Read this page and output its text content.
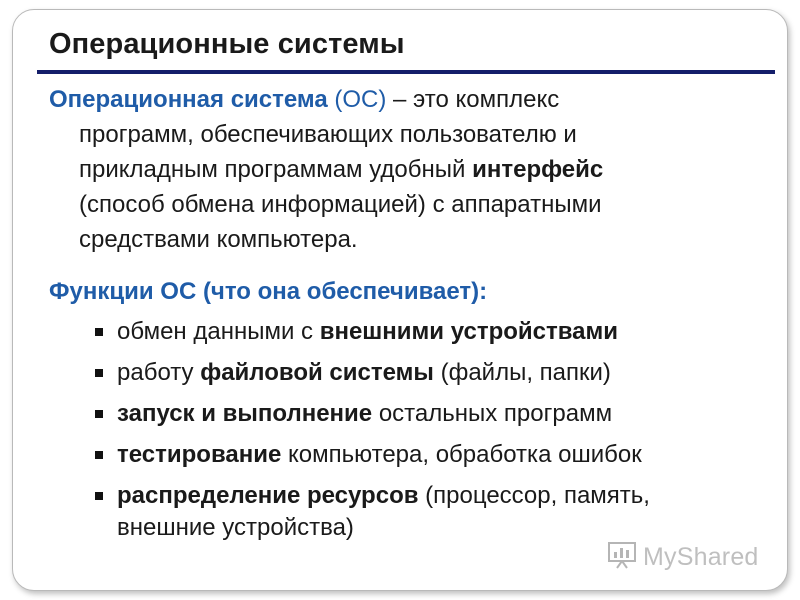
Операционные системы
Операционная система (ОС) – это комплекс
программ, обеспечивающих пользователю и
прикладным программам удобный интерфейс
(способ обмена информацией) с аппаратными
средствами компьютера.
Функции ОС (что она обеспечивает):
обмен данными с внешними устройствами
работу файловой системы (файлы, папки)
запуск и выполнение остальных программ
тестирование компьютера, обработка ошибок
распределение ресурсов (процессор, память,
внешние устройства)
MyShared
